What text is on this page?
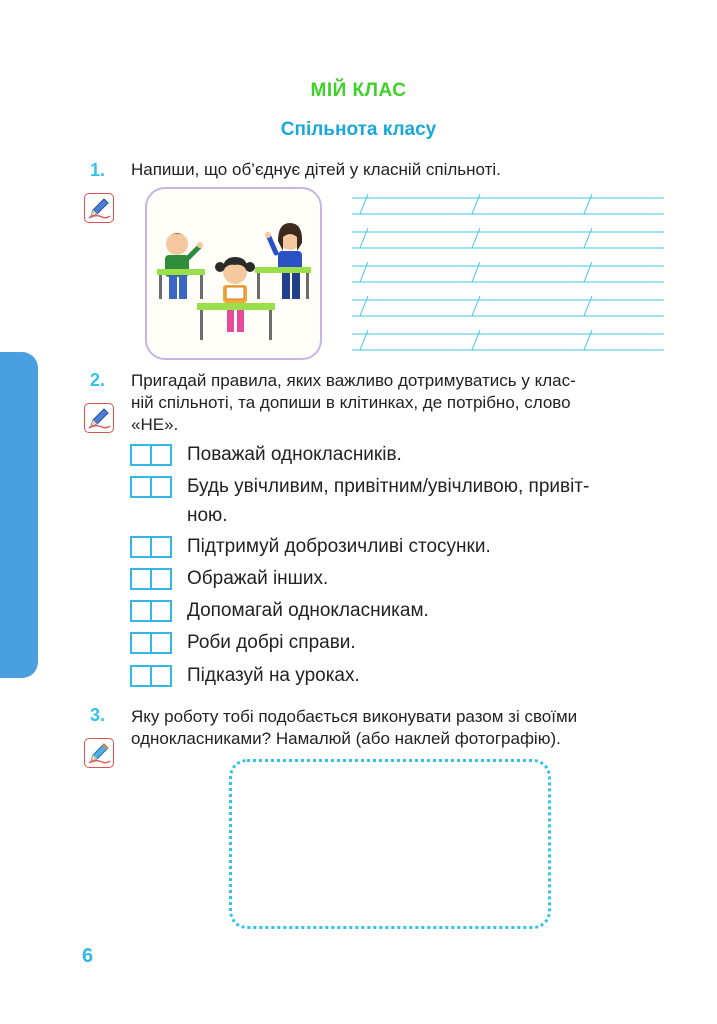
МІЙ КЛАС
Спільнота класу
1. Напиши, що об’єднує дітей у класній спільноті.
2. Пригадай правила, яких важливо дотримуватись у клас-
ній спільноті, та допиши в клітинках, де потрібно, слово
«НЕ».
Поважай однокласників.
Будь увічливим, привітним/увічливою, привіт-
ною.
Підтримуй доброзичливі стосунки.
Ображай інших.
Допомагай однокласникам.
Роби добрі справи.
Підказуй на уроках.
3. Яку роботу тобі подобається виконувати разом зі своїми
однокласниками? Намалюй (або наклей фотографію).
6
